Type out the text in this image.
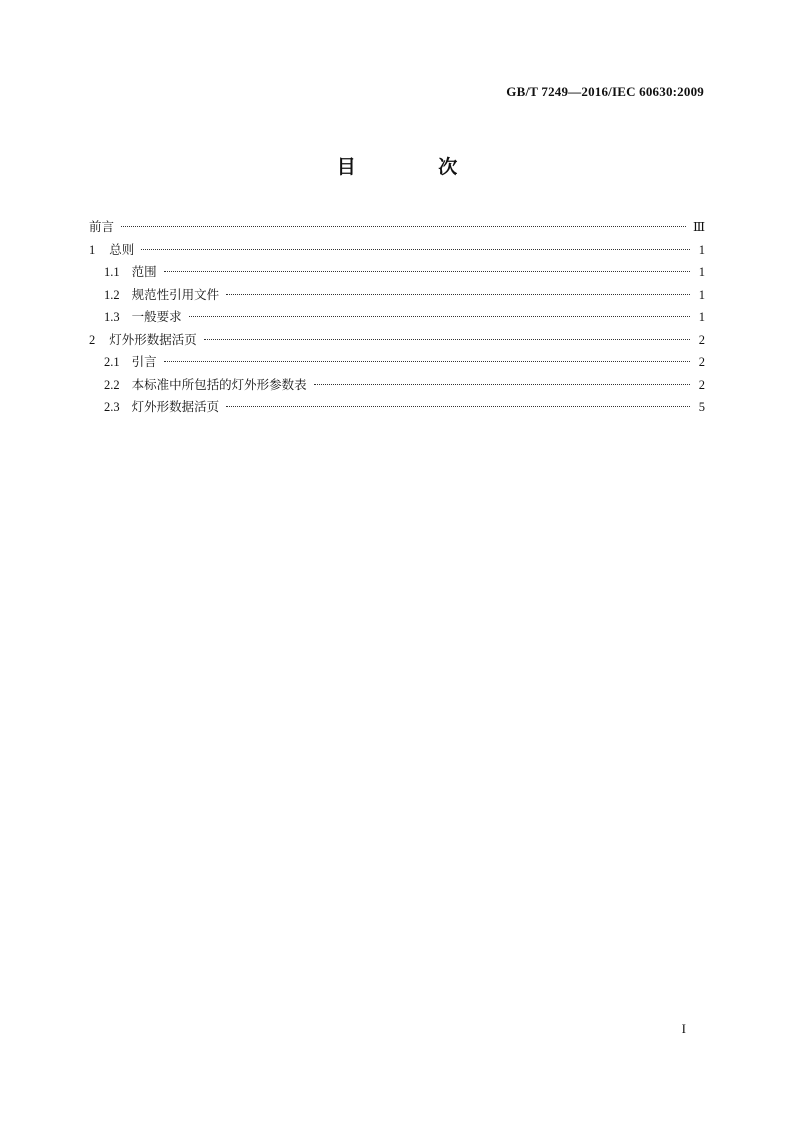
GB/T 7249—2016/IEC 60630:2009
目 次
前言	Ⅲ
1 总则	1
1.1 范围	1
1.2 规范性引用文件	1
1.3 一般要求	1
2 灯外形数据活页	2
2.1 引言	2
2.2 本标准中所包括的灯外形参数表	2
2.3 灯外形数据活页	5
I
